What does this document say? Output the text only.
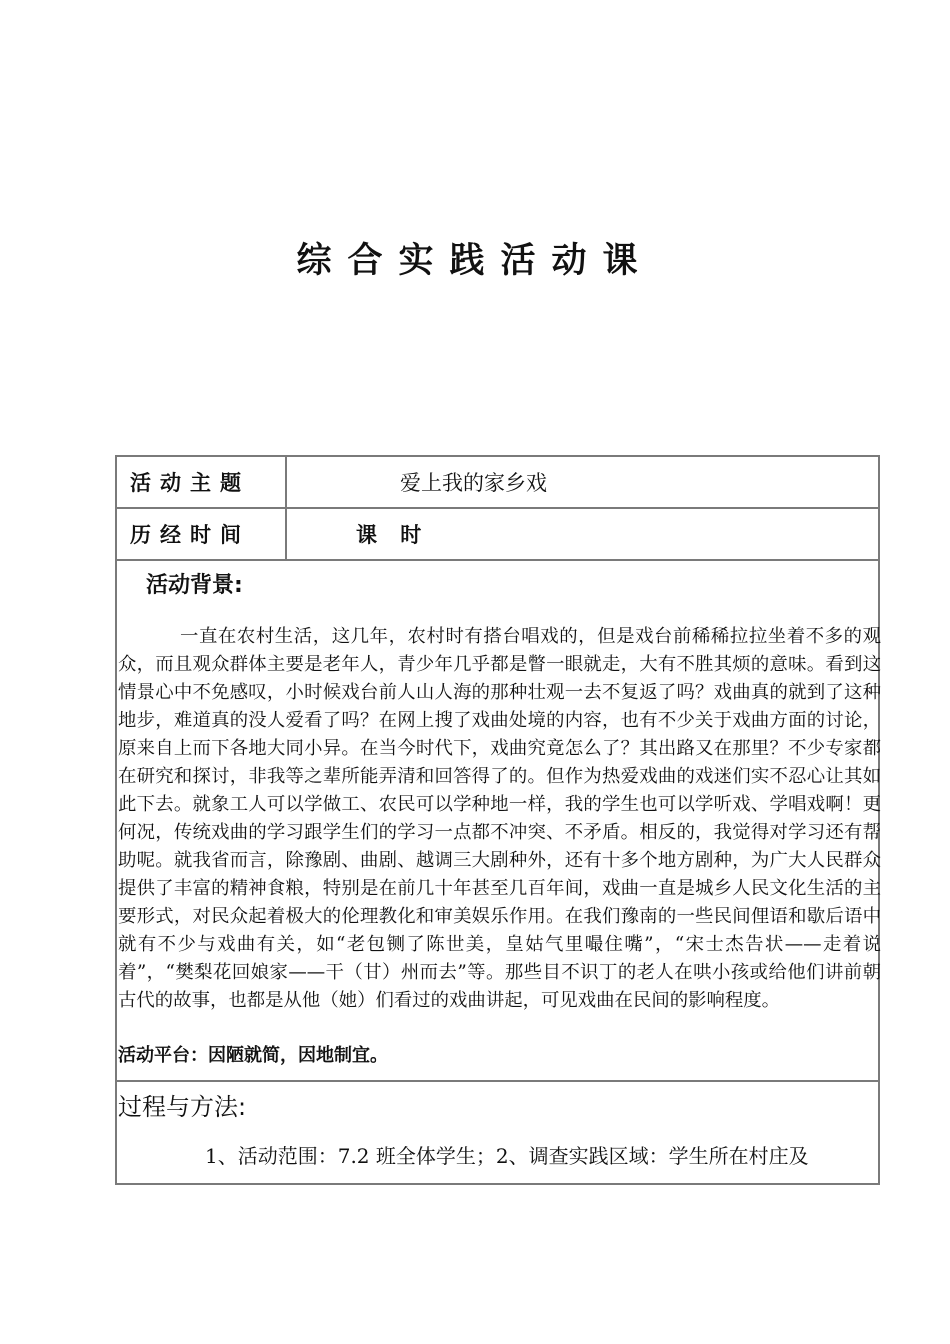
综合实践活动课
活动主题	爱上我的家乡戏
历经时间	课 时
活动背景:
一直在农村生活，这几年，农村时有搭台唱戏的，但是戏台前稀稀拉拉坐着不多的观众，而且观众群体主要是老年人，青少年几乎都是瞥一眼就走，大有不胜其烦的意味。看到这情景心中不免感叹，小时候戏台前人山人海的那种壮观一去不复返了吗？戏曲真的就到了这种地步，难道真的没人爱看了吗？在网上搜了戏曲处境的内容，也有不少关于戏曲方面的讨论，原来自上而下各地大同小异。在当今时代下，戏曲究竟怎么了？其出路又在那里？不少专家都在研究和探讨，非我等之辈所能弄清和回答得了的。但作为热爱戏曲的戏迷们实不忍心让其如此下去。就象工人可以学做工、农民可以学种地一样，我的学生也可以学听戏、学唱戏啊！更何况，传统戏曲的学习跟学生们的学习一点都不冲突、不矛盾。相反的，我觉得对学习还有帮助呢。就我省而言，除豫剧、曲剧、越调三大剧种外，还有十多个地方剧种，为广大人民群众提供了丰富的精神食粮，特别是在前几十年甚至几百年间，戏曲一直是城乡人民文化生活的主要形式，对民众起着极大的伦理教化和审美娱乐作用。在我们豫南的一些民间俚语和歇后语中就有不少与戏曲有关，如“老包铡了陈世美，皇姑气里嘬住嘴”，“宋士杰告状——走着说着”，“樊梨花回娘家——干（甘）州而去”等。那些目不识丁的老人在哄小孩或给他们讲前朝古代的故事，也都是从他（她）们看过的戏曲讲起，可见戏曲在民间的影响程度。
活动平台：因陋就简，因地制宜。
过程与方法:
1、活动范围：7.2 班全体学生；2、调查实践区域：学生所在村庄及
